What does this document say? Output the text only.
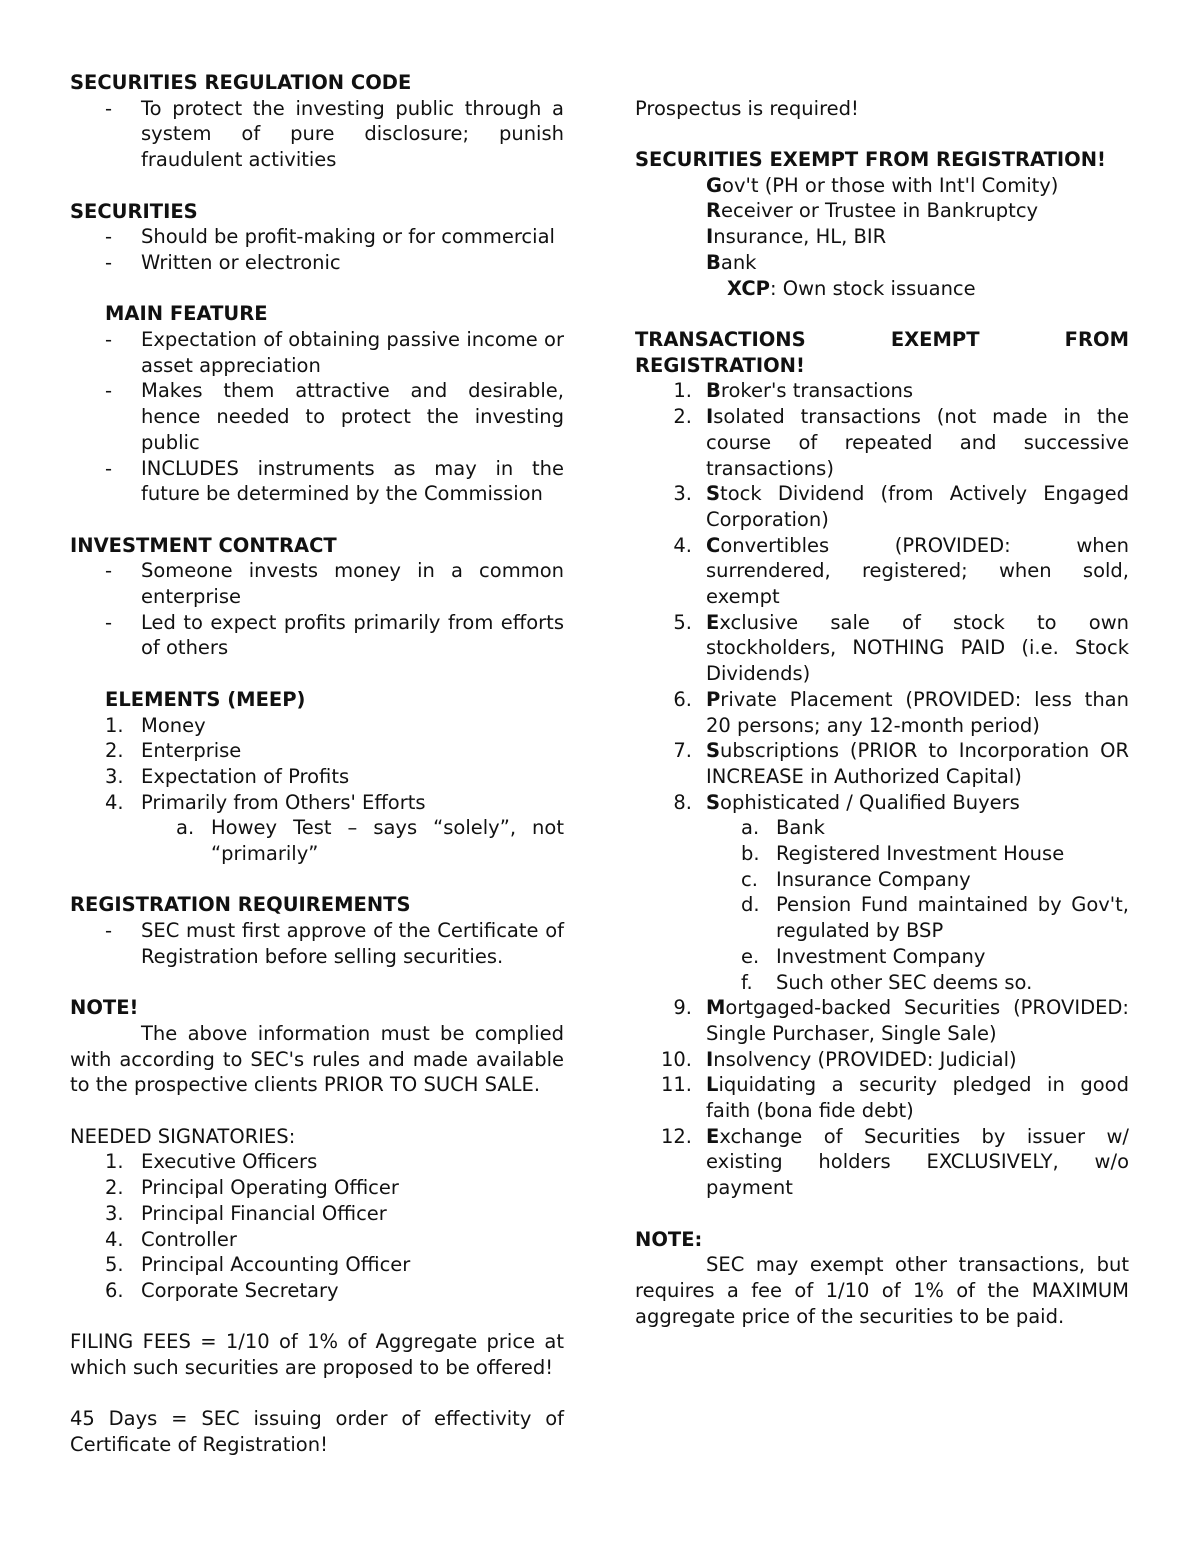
SECURITIES REGULATION CODE
- To protect the investing public through a system of pure disclosure; punish fraudulent activities
SECURITIES
- Should be profit-making or for commercial
- Written or electronic
MAIN FEATURE
- Expectation of obtaining passive income or asset appreciation
- Makes them attractive and desirable, hence needed to protect the investing public
- INCLUDES instruments as may in the future be determined by the Commission
INVESTMENT CONTRACT
- Someone invests money in a common enterprise
- Led to expect profits primarily from efforts of others
ELEMENTS (MEEP)
1. Money
2. Enterprise
3. Expectation of Profits
4. Primarily from Others' Efforts
a. Howey Test – says “solely”, not “primarily”
REGISTRATION REQUIREMENTS
- SEC must first approve of the Certificate of Registration before selling securities.
NOTE!
The above information must be complied with according to SEC's rules and made available to the prospective clients PRIOR TO SUCH SALE.
NEEDED SIGNATORIES:
1. Executive Officers
2. Principal Operating Officer
3. Principal Financial Officer
4. Controller
5. Principal Accounting Officer
6. Corporate Secretary
FILING FEES = 1/10 of 1% of Aggregate price at which such securities are proposed to be offered!
45 Days = SEC issuing order of effectivity of Certificate of Registration!
Prospectus is required!
SECURITIES EXEMPT FROM REGISTRATION!
Gov't (PH or those with Int'l Comity)
Receiver or Trustee in Bankruptcy
Insurance, HL, BIR
Bank
XCP: Own stock issuance
TRANSACTIONS	EXEMPT	FROM
REGISTRATION!
1. Broker's transactions
2. Isolated transactions (not made in the course of repeated and successive transactions)
3. Stock Dividend (from Actively Engaged Corporation)
4. Convertibles (PROVIDED: when surrendered, registered; when sold, exempt
5. Exclusive sale of stock to own stockholders, NOTHING PAID (i.e. Stock Dividends)
6. Private Placement (PROVIDED: less than 20 persons; any 12-month period)
7. Subscriptions (PRIOR to Incorporation OR INCREASE in Authorized Capital)
8. Sophisticated / Qualified Buyers
a. Bank
b. Registered Investment House
c. Insurance Company
d. Pension Fund maintained by Gov't, regulated by BSP
e. Investment Company
f. Such other SEC deems so.
9. Mortgaged-backed Securities (PROVIDED: Single Purchaser, Single Sale)
10. Insolvency (PROVIDED: Judicial)
11. Liquidating a security pledged in good faith (bona fide debt)
12. Exchange of Securities by issuer w/ existing holders EXCLUSIVELY, w/o payment
NOTE:
SEC may exempt other transactions, but requires a fee of 1/10 of 1% of the MAXIMUM aggregate price of the securities to be paid.
